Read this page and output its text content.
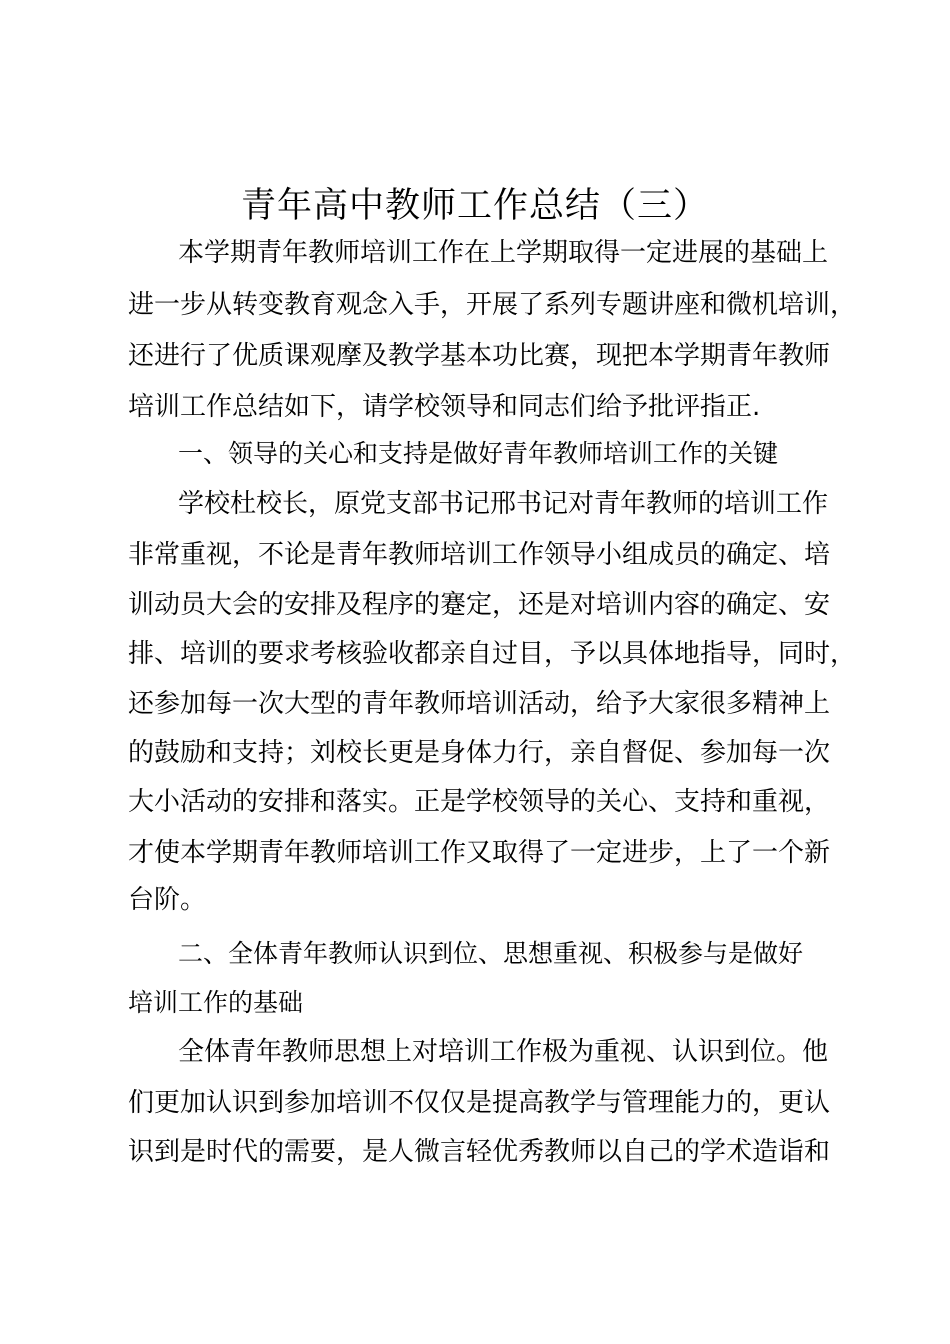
青年高中教师工作总结（三）
本学期青年教师培训工作在上学期取得一定进展的基础上
进一步从转变教育观念入手，开展了系列专题讲座和微机培训，
还进行了优质课观摩及教学基本功比赛，现把本学期青年教师
培训工作总结如下，请学校领导和同志们给予批评指正.
一、领导的关心和支持是做好青年教师培训工作的关键
学校杜校长，原党支部书记邢书记对青年教师的培训工作
非常重视，不论是青年教师培训工作领导小组成员的确定、培
训动员大会的安排及程序的蹇定，还是对培训内容的确定、安
排、培训的要求考核验收都亲自过目，予以具体地指导，同时，
还参加每一次大型的青年教师培训活动，给予大家很多精神上
的鼓励和支持；刘校长更是身体力行，亲自督促、参加每一次
大小活动的安排和落实。正是学校领导的关心、支持和重视，
才使本学期青年教师培训工作又取得了一定进步，上了一个新
台阶。
二、全体青年教师认识到位、思想重视、积极参与是做好
培训工作的基础
全体青年教师思想上对培训工作极为重视、认识到位。他
们更加认识到参加培训不仅仅是提高教学与管理能力的，更认
识到是时代的需要，是人微言轻优秀教师以自己的学术造诣和
